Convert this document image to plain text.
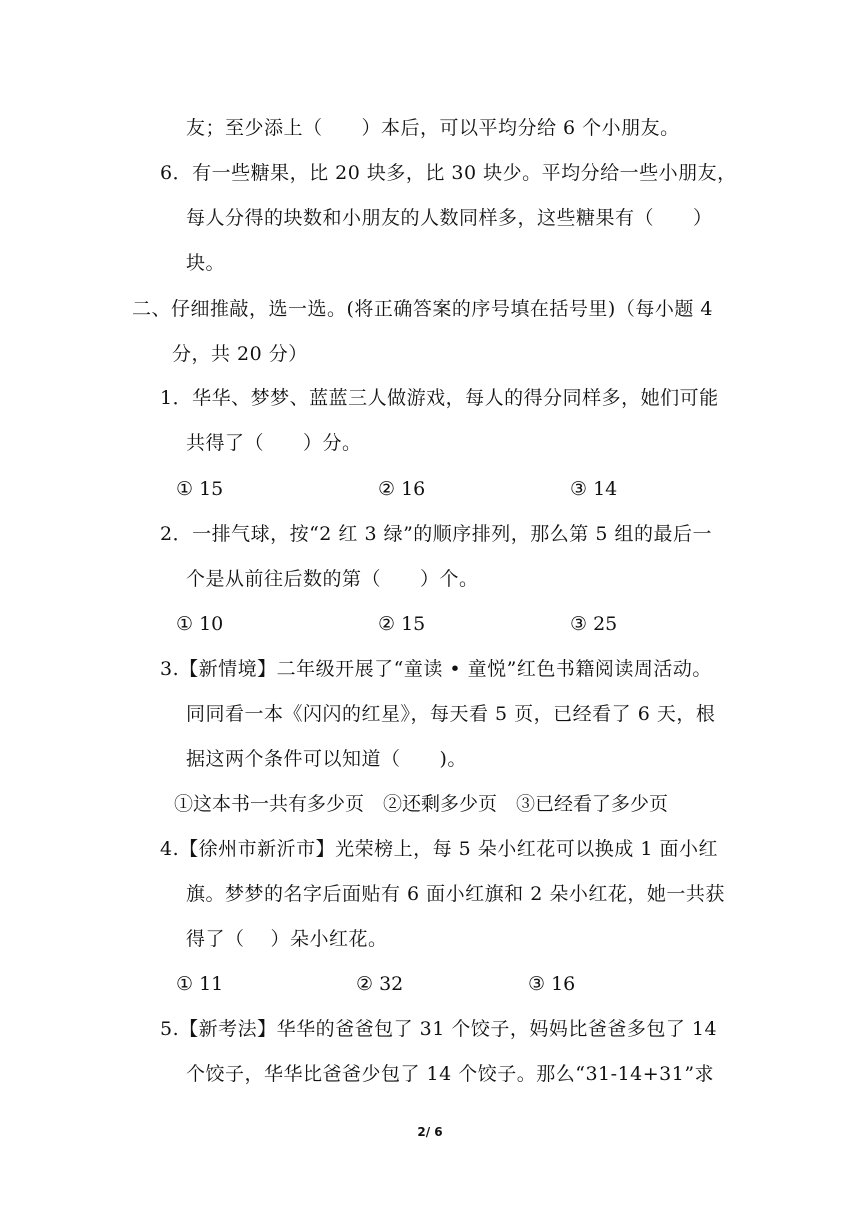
友；至少添上（　　）本后，可以平均分给 6 个小朋友。
6．有一些糖果，比 20 块多，比 30 块少。平均分给一些小朋友，
每人分得的块数和小朋友的人数同样多，这些糖果有（　　）
块。
二、仔细推敲，选一选。(将正确答案的序号填在括号里)（每小题 4
分，共 20 分）
1．华华、梦梦、蓝蓝三人做游戏，每人的得分同样多，她们可能
共得了（　　）分。
① 15	② 16	③ 14
2．一排气球，按“2 红 3 绿”的顺序排列，那么第 5 组的最后一
个是从前往后数的第（　　）个。
① 10	② 15	③ 25
3.【新情境】二年级开展了“童读 • 童悦”红色书籍阅读周活动。
同同看一本《闪闪的红星》，每天看 5 页，已经看了 6 天，根
据这两个条件可以知道（　　)。
①这本书一共有多少页　②还剩多少页　③已经看了多少页
4.【徐州市新沂市】光荣榜上，每 5 朵小红花可以换成 1 面小红
旗。梦梦的名字后面贴有 6 面小红旗和 2 朵小红花，她一共获
得了（　 ）朵小红花。
① 11	② 32	③ 16
5.【新考法】华华的爸爸包了 31 个饺子，妈妈比爸爸多包了 14
个饺子，华华比爸爸少包了 14 个饺子。那么“31-14+31”求
2/ 6
